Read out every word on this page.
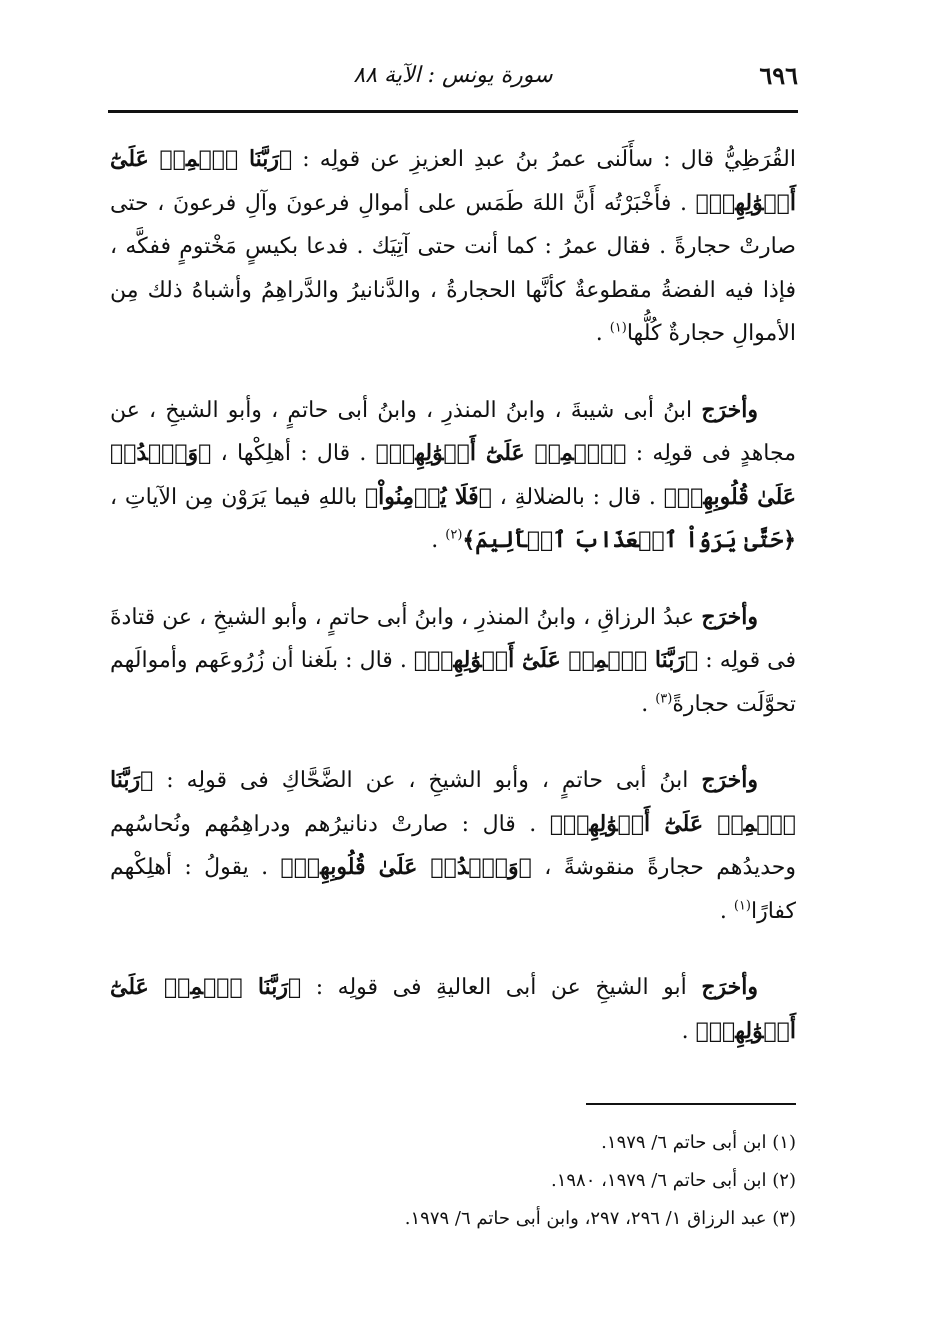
٦٩٦
سورة يونس : الآية ٨٨

القُرَظِيُّ قال : سأَلَنى عمرُ بنُ عبدِ العزيزِ عن قولِه : ﴿رَبَّنَا ٱطۡمِسۡ عَلَىٰٓ أَمۡوَٰلِهِمۡ﴾ . فأَخْبَرْتُه أَنَّ اللهَ طَمَس على أموالِ فرعونَ وآلِ فرعونَ ، حتى صارتْ حجارةً . فقال عمرُ : كما أنت حتى آتِيَك . فدعا بكيسٍ مَخْتومٍ ففكَّه ، فإذا فيه الفضةُ مقطوعةٌ كأنَّها الحجارةُ ، والدَّنانيرُ والدَّراهِمُ وأشباهُ ذلك مِن الأموالِ حجارةٌ كُلُّها$^{(١)}$ .

وأخرَج ابنُ أبى شيبةَ ، وابنُ المنذرِ ، وابنُ أبى حاتمٍ ، وأبو الشيخِ ، عن مجاهدٍ فى قولِه : ﴿ٱطۡمِسۡ عَلَىٰٓ أَمۡوَٰلِهِمۡ﴾ . قال : أهلِكْها ، ﴿وَٱشۡدُدۡ عَلَىٰ قُلُوبِهِمۡ﴾ . قال : بالضلالةِ ، ﴿فَلَا يُؤۡمِنُواْ﴾ باللهِ فيما يَرَوْن مِن الآياتِ ، ﴿حَتَّىٰ يَرَوُاْ ٱلۡعَذَابَ ٱلۡأَلِيمَ﴾$^{(٢)}$ .

وأخرَج عبدُ الرزاقِ ، وابنُ المنذرِ ، وابنُ أبى حاتمٍ ، وأبو الشيخِ ، عن قتادةَ فى قولِه : ﴿رَبَّنَا ٱطۡمِسۡ عَلَىٰٓ أَمۡوَٰلِهِمۡ﴾ . قال : بلَغنا أن زُرُوعَهم وأموالَهم تحوَّلَت حجارةً$^{(٣)}$ .

وأخرَج ابنُ أبى حاتمٍ ، وأبو الشيخِ ، عن الضَّحَّاكِ فى قولِه : ﴿رَبَّنَا ٱطۡمِسۡ عَلَىٰٓ أَمۡوَٰلِهِمۡ﴾ . قال : صارتْ دنانيرُهم ودراهِمُهم ونُحاسُهم وحديدُهم حجارةً منقوشةً ، ﴿وَٱشۡدُدۡ عَلَىٰ قُلُوبِهِمۡ﴾ . يقولُ : أهلِكْهم كفارًا$^{(١)}$ .

وأخرَج أبو الشيخِ عن أبى العاليةِ فى قولِه : ﴿رَبَّنَا ٱطۡمِسۡ عَلَىٰٓ أَمۡوَٰلِهِمۡ﴾ .

(١) ابن أبى حاتم ٦/ ١٩٧٩.

(٢) ابن أبى حاتم ٦/ ١٩٧٩، ١٩٨٠.

(٣) عبد الرزاق ١/ ٢٩٦، ٢٩٧، وابن أبى حاتم ٦/ ١٩٧٩.
